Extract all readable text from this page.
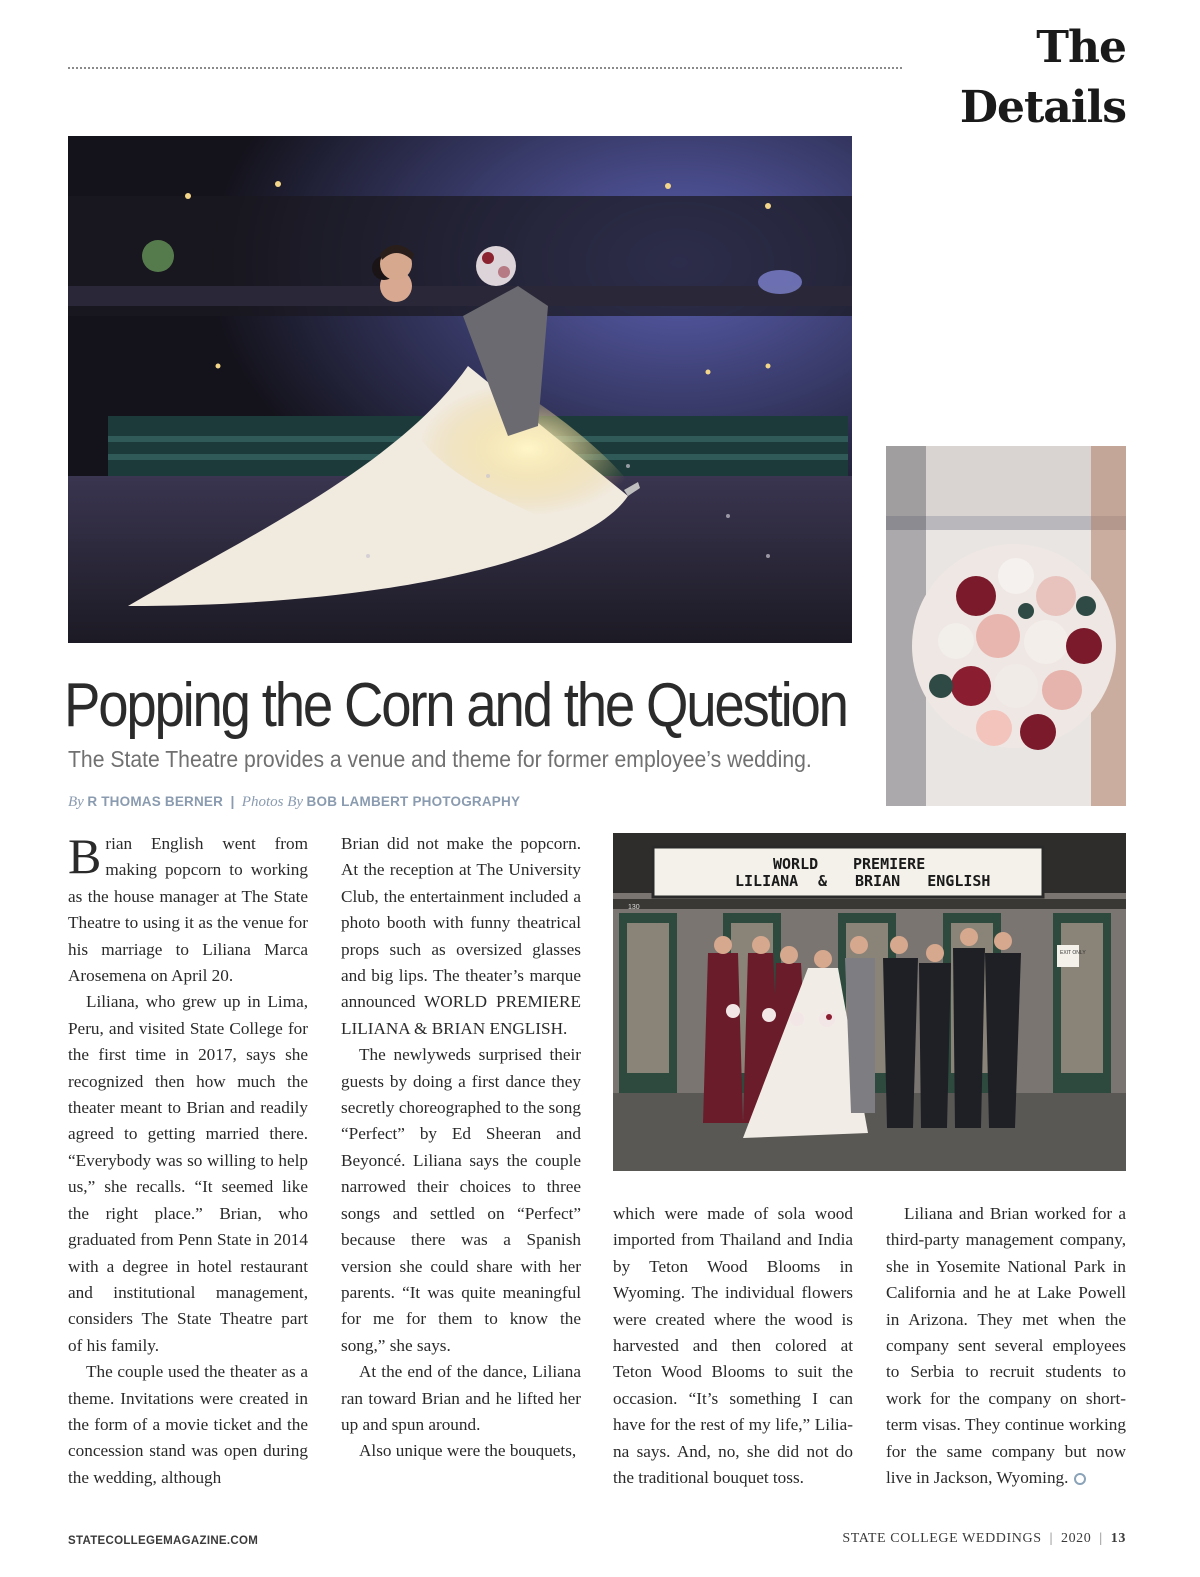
The Details
130
EXIT ONLY
WORLD PREMIERE
LILIANA & BRIAN   ENGLISH
Popping the Corn and the Question
The State Theatre provides a venue and theme for former employee’s wedding.
By R THOMAS BERNER  |  Photos By BOB LAMBERT PHOTOGRAPHY

Brian English went from making popcorn to working as the house manager at The State Theatre to using it as the venue for his marriage to Liliana Marca Arosemena on April 20.

Liliana, who grew up in Lima, Peru, and visited State College for the first time in 2017, says she recognized then how much the theater meant to Brian and readily agreed to getting married there. “Everybody was so willing to help us,” she recalls. “It seemed like the right place.” Brian, who graduated from Penn State in 2014 with a degree in hotel restaurant and institutional management, considers The State Theatre part of his family.

The couple used the theater as a theme. Invitations were created in the form of a movie ticket and the concession stand was open during the wedding, although

Brian did not make the popcorn. At the reception at The University Club, the entertainment included a photo booth with funny theatrical props such as oversized glasses and big lips. The theater’s marque announced WORLD PREMIERE LILIANA & BRIAN ENGLISH.

The newlyweds surprised their guests by doing a first dance they secretly choreographed to the song “Perfect” by Ed Sheeran and Beyoncé. Liliana says the couple narrowed their choices to three songs and settled on “Perfect” because there was a Spanish version she could share with her parents. “It was quite meaningful for me for them to know the song,” she says.

At the end of the dance, Liliana ran toward Brian and he lifted her up and spun around.

Also unique were the bouquets,

which were made of sola wood imported from Thailand and India by Teton Wood Blooms in Wyoming. The individual flowers were created where the wood is harvested and then colored at Teton Wood Blooms to suit the occasion. “It’s something I can have for the rest of my life,” Liliana says. And, no, she did not do the traditional bouquet toss.

Liliana and Brian worked for a third-party management company, she in Yosemite National Park in California and he at Lake Powell in Arizona. They met when the company sent several employees to Serbia to recruit students to work for the company on short-term visas. They continue working for the same company but now live in Jackson, Wyoming.

STATECOLLEGEMAGAZINE.COM	STATE COLLEGE WEDDINGS | 2020 | 13
